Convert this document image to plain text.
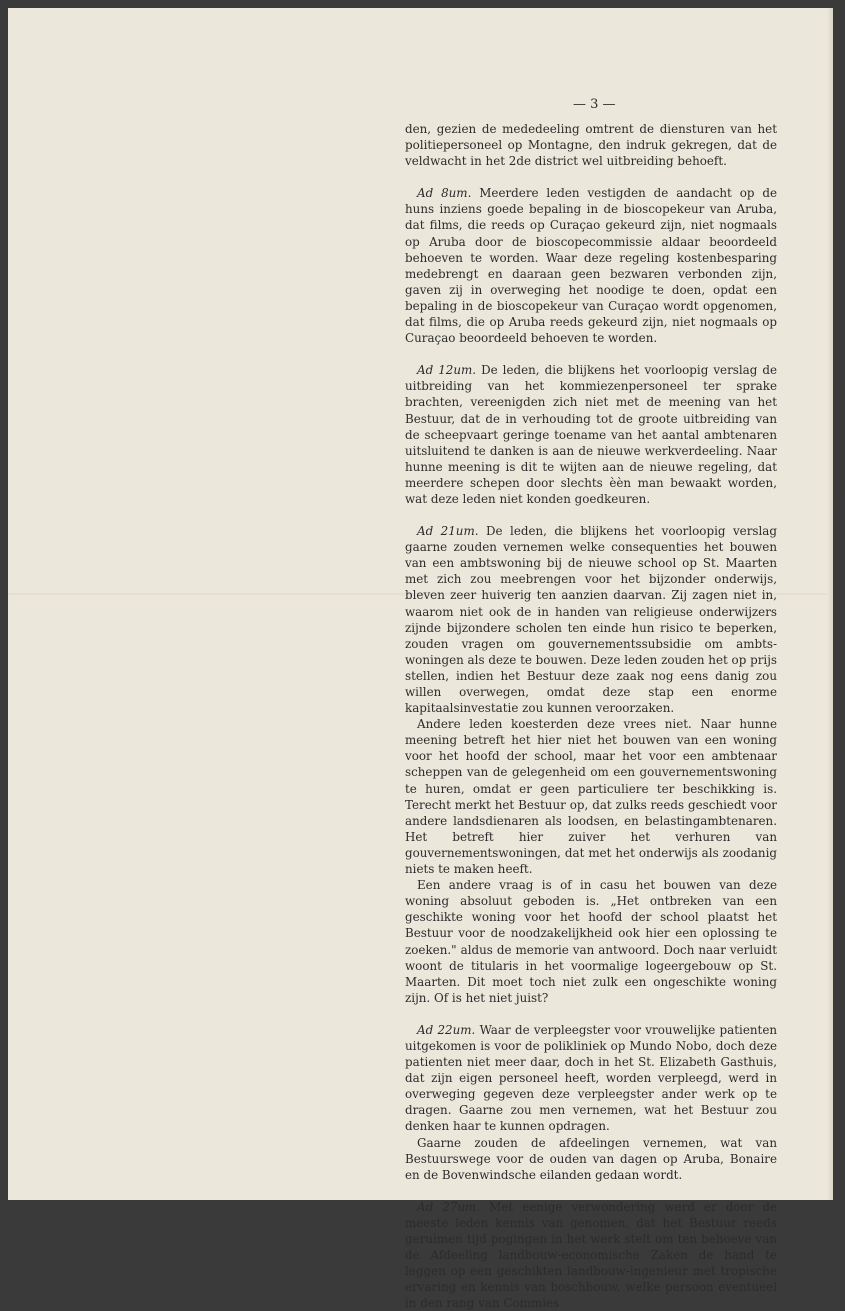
— 3 —

den, gezien de mededeeling omtrent de diensturen van het politiepersoneel op Montagne, den indruk gekregen, dat de veldwacht in het 2de district wel uitbreiding behoeft.

Ad 8um. Meerdere leden vestigden de aandacht op de huns inziens goede bepaling in de bioscopekeur van Aruba, dat films, die reeds op Curaçao gekeurd zijn, niet nogmaals op Aruba door de bioscopecommissie aldaar beoordeeld behoeven te worden. Waar deze regeling kostenbesparing medebrengt en daaraan geen bezwaren verbonden zijn, gaven zij in overweging het noodige te doen, opdat een bepaling in de bioscopekeur van Curaçao wordt opgenomen, dat films, die op Aruba reeds gekeurd zijn, niet nogmaals op Curaçao beoordeeld behoeven te worden.

Ad 12um. De leden, die blijkens het voorloopig verslag de uitbreiding van het kommiezenpersoneel ter sprake brachten, vereenigden zich niet met de meening van het Bestuur, dat de in verhouding tot de groote uitbreiding van de scheepvaart geringe toename van het aantal ambtenaren uitsluitend te danken is aan de nieuwe werkverdeeling. Naar hunne meening is dit te wijten aan de nieuwe regeling, dat meerdere schepen door slechts èèn man bewaakt worden, wat deze leden niet konden goedkeuren.

Ad 21um. De leden, die blijkens het voorloopig verslag gaarne zouden vernemen welke consequenties het bouwen van een ambtswoning bij de nieuwe school op St. Maarten met zich zou meebrengen voor het bijzonder onderwijs, bleven zeer huiverig ten aanzien daarvan. Zij zagen niet in, waarom niet ook de in handen van religieuse onderwijzers zijnde bijzondere scholen ten einde hun risico te beperken, zouden vragen om gouvernementssubsidie om ambts-woningen als deze te bouwen. Deze leden zouden het op prijs stellen, indien het Bestuur deze zaak nog eens danig zou willen overwegen, omdat deze stap een enorme kapitaalsinvestatie zou kunnen veroorzaken.

Andere leden koesterden deze vrees niet. Naar hunne meening betreft het hier niet het bouwen van een woning voor het hoofd der school, maar het voor een ambtenaar scheppen van de gelegenheid om een gouvernementswoning te huren, omdat er geen particuliere ter beschikking is. Terecht merkt het Bestuur op, dat zulks reeds geschiedt voor andere landsdienaren als loodsen, en belastingambtenaren. Het betreft hier zuiver het verhuren van gouvernementswoningen, dat met het onderwijs als zoodanig niets te maken heeft.

Een andere vraag is of in casu het bouwen van deze woning absoluut geboden is. „Het ontbreken van een geschikte woning voor het hoofd der school plaatst het Bestuur voor de noodzakelijkheid ook hier een oplossing te zoeken." aldus de memorie van antwoord. Doch naar verluidt woont de titularis in het voormalige logeergebouw op St. Maarten. Dit moet toch niet zulk een ongeschikte woning zijn. Of is het niet juist?

Ad 22um. Waar de verpleegster voor vrouwelijke patienten uitgekomen is voor de polikliniek op Mundo Nobo, doch deze patienten niet meer daar, doch in het St. Elizabeth Gasthuis, dat zijn eigen personeel heeft, worden verpleegd, werd in overweging gegeven deze verpleegster ander werk op te dragen. Gaarne zou men vernemen, wat het Bestuur zou denken haar te kunnen opdragen.

Gaarne zouden de afdeelingen vernemen, wat van Bestuurswege voor de ouden van dagen op Aruba, Bonaire en de Bovenwindsche eilanden gedaan wordt.

Ad 27um. Met eenige verwondering werd er door de meeste leden kennis van genomen, dat het Bestuur reeds geruimen tijd pogingen in het werk stelt om ten behoeve van de Afdeeling landbouw-economische Zaken de hand te leggen op een geschikten landbouw-ingenieur met tropische ervaring en kennis van boschbouw, welke persoon eventueel in den rang van Commies
